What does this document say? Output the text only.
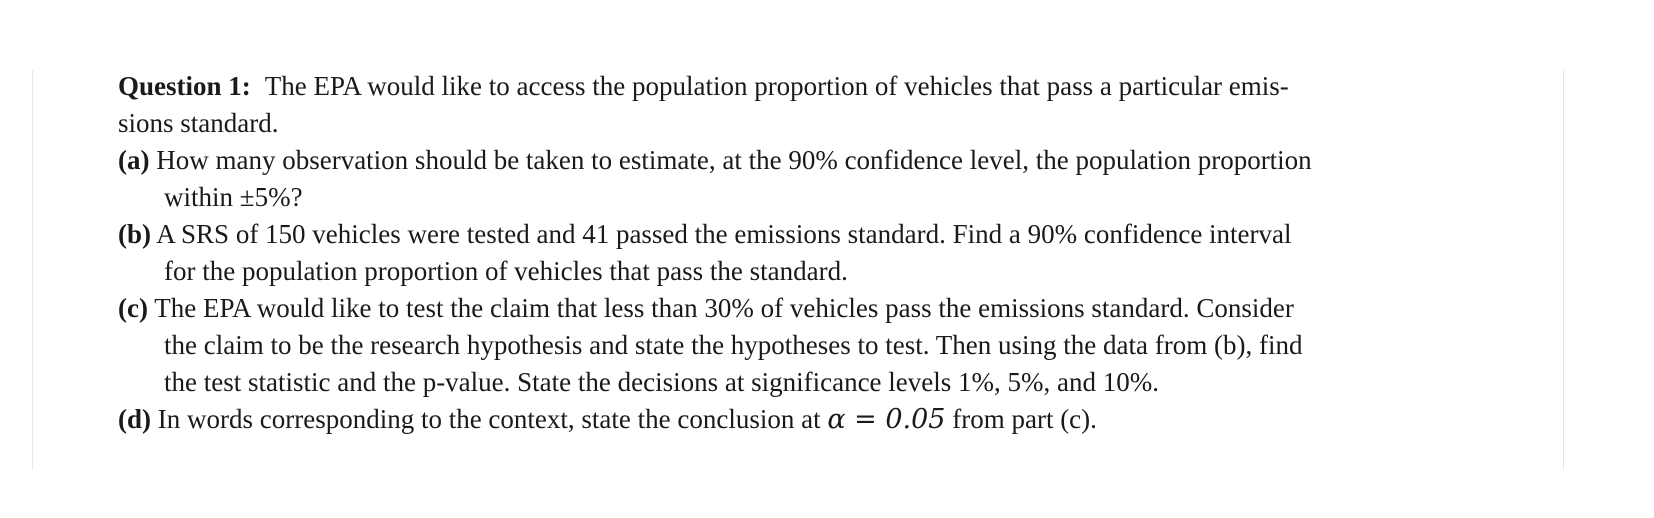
Question 1: The EPA would like to access the population proportion of vehicles that pass a particular emis-
sions standard.
(a) How many observation should be taken to estimate, at the 90% confidence level, the population proportion
within ±5%?
(b) A SRS of 150 vehicles were tested and 41 passed the emissions standard. Find a 90% confidence interval
for the population proportion of vehicles that pass the standard.
(c) The EPA would like to test the claim that less than 30% of vehicles pass the emissions standard. Consider
the claim to be the research hypothesis and state the hypotheses to test. Then using the data from (b), find
the test statistic and the p-value. State the decisions at significance levels 1%, 5%, and 10%.
(d) In words corresponding to the context, state the conclusion at α = 0.05 from part (c).
